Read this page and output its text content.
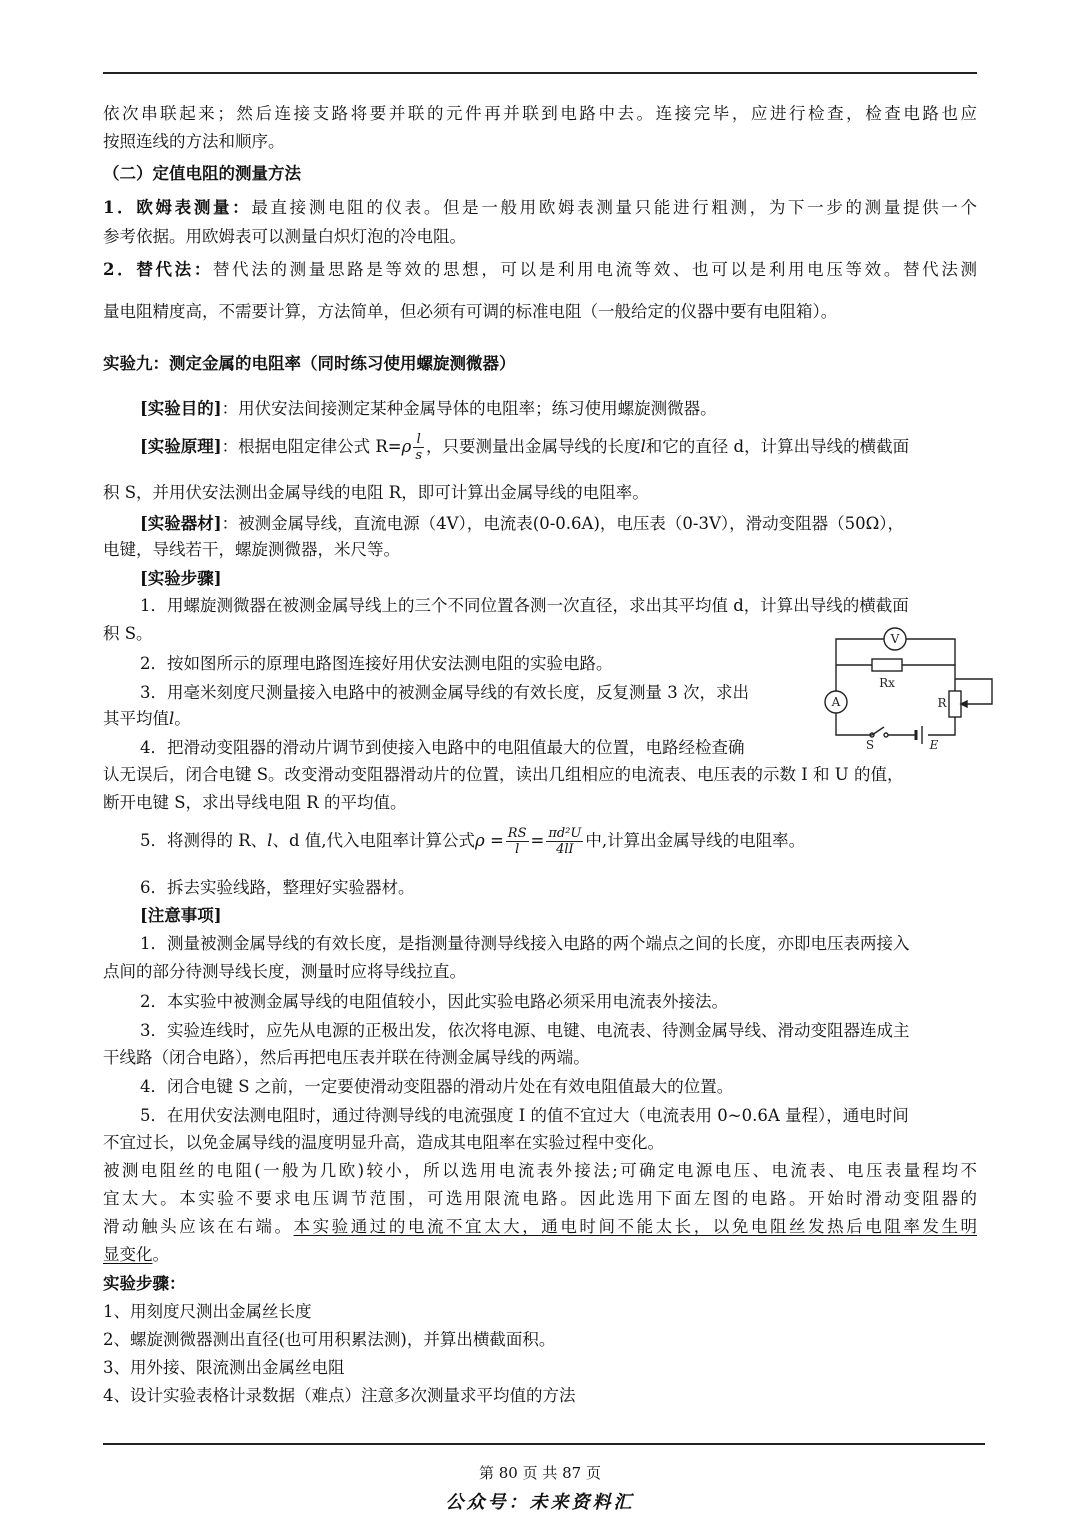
依次串联起来；然后连接支路将要并联的元件再并联到电路中去。连接完毕，应进行检查，检查电路也应
按照连线的方法和顺序。
（二）定值电阻的测量方法
1．欧姆表测量：最直接测电阻的仪表。但是一般用欧姆表测量只能进行粗测，为下一步的测量提供一个
参考依据。用欧姆表可以测量白炽灯泡的冷电阻。
2．替代法：替代法的测量思路是等效的思想，可以是利用电流等效、也可以是利用电压等效。替代法测
量电阻精度高，不需要计算，方法简单，但必须有可调的标准电阻（一般给定的仪器中要有电阻箱）。
实验九：测定金属的电阻率（同时练习使用螺旋测微器）
[实验目的]：用伏安法间接测定某种金属导体的电阻率；练习使用螺旋测微器。
[实验原理]：根据电阻定律公式 $R=\rho \frac{l}{s}$ ，只要测量出金属导线的长度l和它的直径 d，计算出导线的横截面
积 S，并用伏安法测出金属导线的电阻 R，即可计算出金属导线的电阻率。
[实验器材]：被测金属导线，直流电源（4V），电流表(0-0.6A)，电压表（0-3V），滑动变阻器（50Ω），
电键，导线若干，螺旋测微器，米尺等。
[实验步骤]
1．用螺旋测微器在被测金属导线上的三个不同位置各测一次直径，求出其平均值 d，计算出导线的横截面
积 S。
2．按如图所示的原理电路图连接好用伏安法测电阻的实验电路。
3．用毫米刻度尺测量接入电路中的被测金属导线的有效长度，反复测量 3 次，求出
其平均值l。
4．把滑动变阻器的滑动片调节到使接入电路中的电阻值最大的位置，电路经检查确
认无误后，闭合电键 S。改变滑动变阻器滑动片的位置，读出几组相应的电流表、电压表的示数 I 和 U 的值，
断开电键 S，求出导线电阻 R 的平均值。
5．将测得的 R、l、d 值,代入电阻率计算公式$\rho = \frac{RS}{l} = \frac{\text{πd²U}}{4lI}$ 中,计算出金属导线的电阻率。
6．拆去实验线路，整理好实验器材。
[注意事项]
1．测量被测金属导线的有效长度，是指测量待测导线接入电路的两个端点之间的长度，亦即电压表两接入
点间的部分待测导线长度，测量时应将导线拉直。
2．本实验中被测金属导线的电阻值较小，因此实验电路必须采用电流表外接法。
3．实验连线时，应先从电源的正极出发，依次将电源、电键、电流表、待测金属导线、滑动变阻器连成主
干线路（闭合电路），然后再把电压表并联在待测金属导线的两端。
4．闭合电键 S 之前，一定要使滑动变阻器的滑动片处在有效电阻值最大的位置。
5．在用伏安法测电阻时，通过待测导线的电流强度 I 的值不宜过大（电流表用 0~0.6A 量程），通电时间
不宜过长，以免金属导线的温度明显升高，造成其电阻率在实验过程中变化。
被测电阻丝的电阻(一般为几欧)较小，所以选用电流表外接法;可确定电源电压、电流表、电压表量程均不
宜太大。本实验不要求电压调节范围，可选用限流电路。因此选用下面左图的电路。开始时滑动变阻器的
滑动触头应该在右端。本实验通过的电流不宜太大，通电时间不能太长，以免电阻丝发热后电阻率发生明
显变化。
实验步骤：
1、用刻度尺测出金属丝长度
2、螺旋测微器测出直径(也可用积累法测)，并算出横截面积。
3、用外接、限流测出金属丝电阻
4、设计实验表格计录数据（难点）注意多次测量求平均值的方法
V
A
Rx
R
S	E
第 80 页 共 87 页
公众号：未来资料汇
